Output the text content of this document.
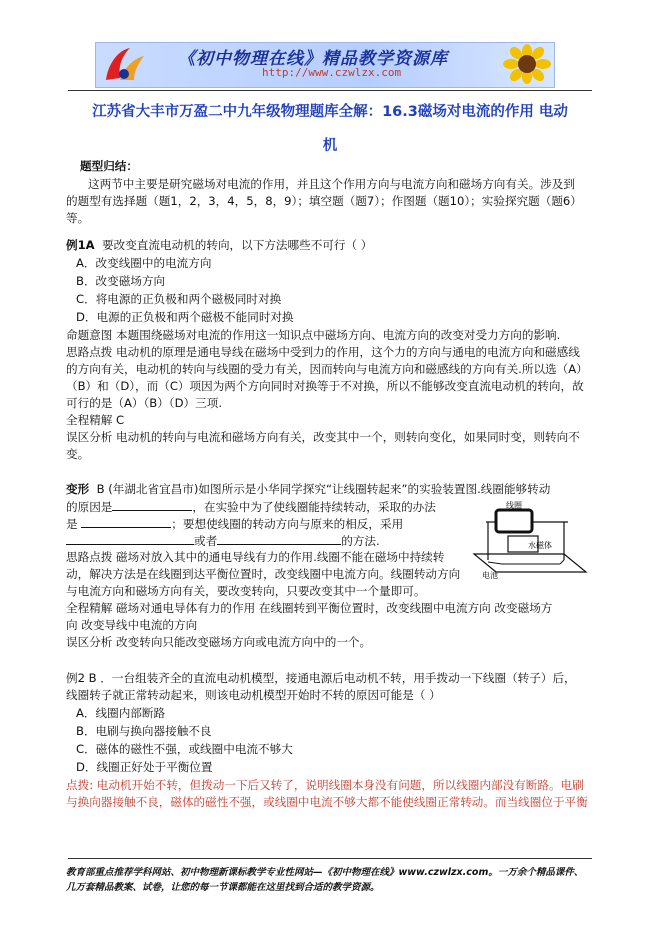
《初中物理在线》精品教学资源库
http://www.czwlzx.com
江苏省大丰市万盈二中九年级物理题库全解：16.3磁场对电流的作用 电动
机
题型归结：
这两节中主要是研究磁场对电流的作用，并且这个作用方向与电流方向和磁场方向有关。涉及到
的题型有选择题（题1，2，3，4，5，8，9）；填空题（题7）；作图题（题10）；实验探究题（题6）
等。
例1A 要改变直流电动机的转向，以下方法哪些不可行（ ）
A．改变线圈中的电流方向
B．改变磁场方向
C．将电源的正负极和两个磁极同时对换
D．电源的正负极和两个磁极不能同时对换
命题意图 本题围绕磁场对电流的作用这一知识点中磁场方向、电流方向的改变对受力方向的影响.
思路点拨 电动机的原理是通电导线在磁场中受到力的作用，这个力的方向与通电的电流方向和磁感线
的方向有关，电动机的转向与线圈的受力有关，因而转向与电流方向和磁感线的方向有关.所以选（A）
（B）和（D），而（C）项因为两个方向同时对换等于不对换，所以不能够改变直流电动机的转向，故
可行的是（A）（B）（D）三项.
全程精解 C
误区分析 电动机的转向与电流和磁场方向有关，改变其中一个，则转向变化，如果同时变，则转向不
变。
变形 B (年湖北省宜昌市)如图所示是小华同学探究“让线圈转起来”的实验装置图.线圈能够转动
的原因是	，在实验中为了使线圈能持续转动，采取的办法
是	；要想使线圈的转动方向与原来的相反，采用
或者	的方法.
线圈
水磁体
电池
思路点拨 磁场对放入其中的通电导线有力的作用.线圈不能在磁场中持续转
动，解决方法是在线圈到达平衡位置时，改变线圈中电流方向。线圈转动方向
与电流方向和磁场方向有关，要改变转向，只要改变其中一个量即可。
全程精解 磁场对通电导体有力的作用 在线圈转到平衡位置时，改变线圈中电流方向 改变磁场方
向 改变导线中电流的方向
误区分析 改变转向只能改变磁场方向或电流方向中的一个。
例2 B ．一台组装齐全的直流电动机模型，接通电源后电动机不转，用手拨动一下线圈（转子）后，
线圈转子就正常转动起来，则该电动机模型开始时不转的原因可能是（ ）
A．线圈内部断路
B．电刷与换向器接触不良
C．磁体的磁性不强，或线圈中电流不够大
D．线圈正好处于平衡位置
点拨: 电动机开始不转，但拨动一下后又转了，说明线圈本身没有问题，所以线圈内部没有断路。电刷
与换向器接触不良，磁体的磁性不强，或线圈中电流不够大都不能使线圈正常转动。而当线圈位于平衡
教育部重点推荐学科网站、初中物理新课标教学专业性网站—《初中物理在线》www.czwlzx.com。一万余个精品课件、
几万套精品教案、试卷，让您的每一节课都能在这里找到合适的教学资源。
